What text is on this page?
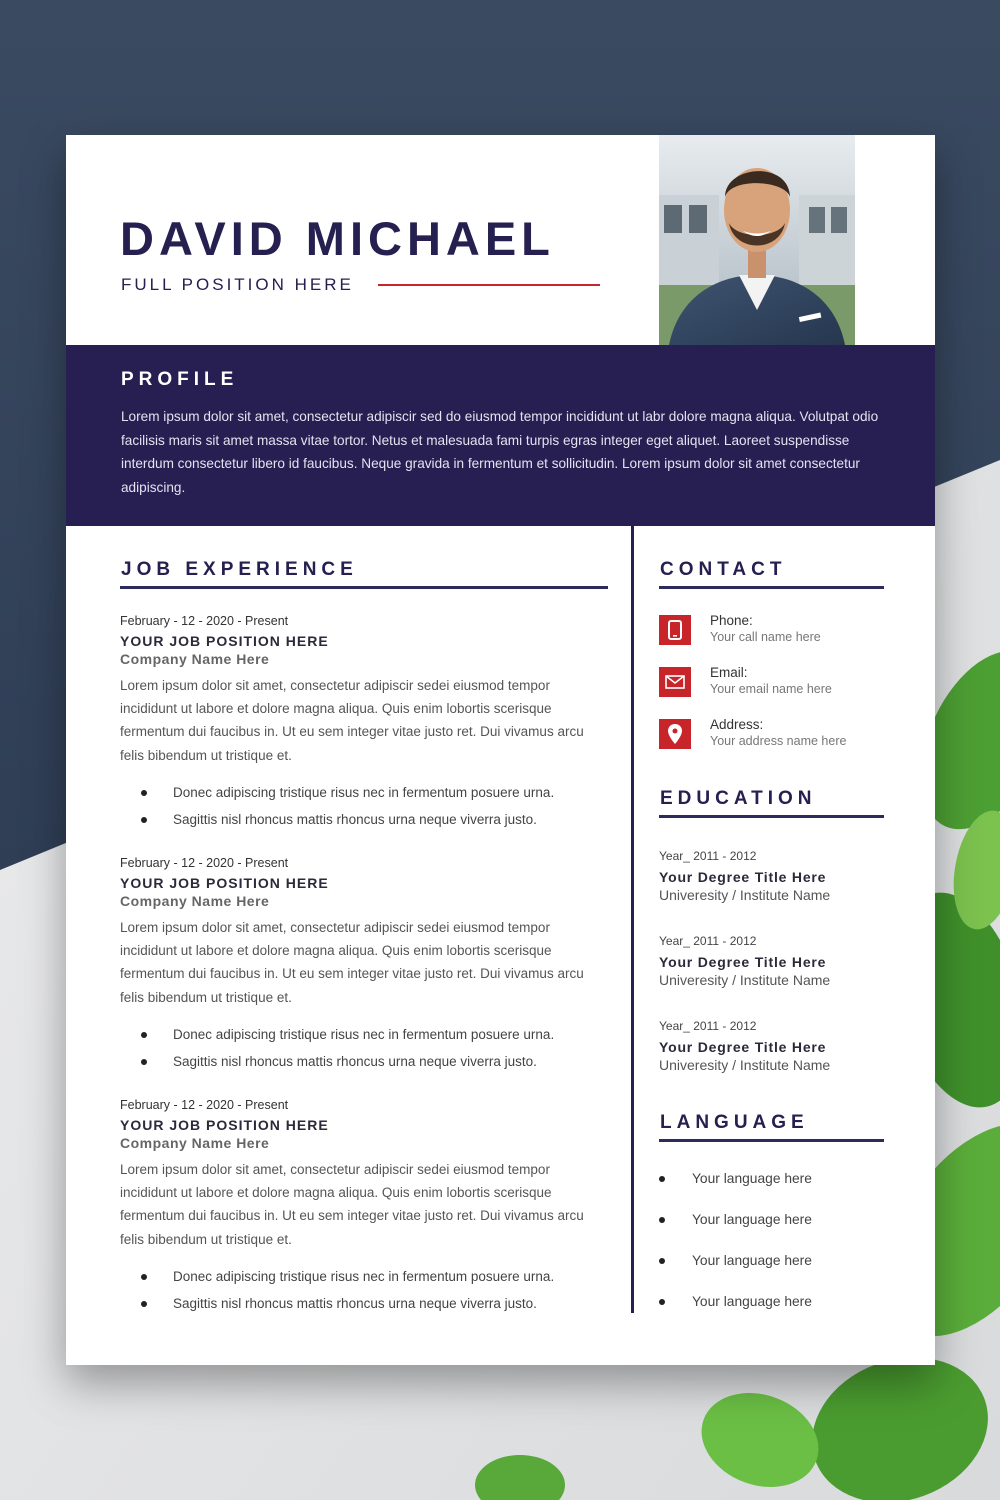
DAVID MICHAEL
FULL POSITION HERE
PROFILE
Lorem ipsum dolor sit amet, consectetur adipiscir sed do eiusmod tempor incididunt ut labr dolore magna aliqua. Volutpat odio facilisis maris sit amet massa vitae tortor. Netus et malesuada fami turpis egras integer eget aliquet. Laoreet suspendisse interdum consectetur libero id faucibus. Neque gravida in fermentum et sollicitudin. Lorem ipsum dolor sit amet consectetur adipiscing.
JOB EXPERIENCE
February - 12 - 2020 - Present
YOUR JOB POSITION HERE
Company Name Here
Lorem ipsum dolor sit amet, consectetur adipiscir sedei eiusmod tempor incididunt ut labore et dolore magna aliqua. Quis enim lobortis scerisque fermentum dui faucibus in. Ut eu sem integer vitae justo ret. Dui vivamus arcu felis bibendum ut tristique et.
Donec adipiscing tristique risus nec in fermentum posuere urna.
Sagittis nisl rhoncus mattis rhoncus urna neque viverra justo.
February - 12 - 2020 - Present
YOUR JOB POSITION HERE
Company Name Here
Lorem ipsum dolor sit amet, consectetur adipiscir sedei eiusmod tempor incididunt ut labore et dolore magna aliqua. Quis enim lobortis scerisque fermentum dui faucibus in. Ut eu sem integer vitae justo ret. Dui vivamus arcu felis bibendum ut tristique et.
Donec adipiscing tristique risus nec in fermentum posuere urna.
Sagittis nisl rhoncus mattis rhoncus urna neque viverra justo.
February - 12 - 2020 - Present
YOUR JOB POSITION HERE
Company Name Here
Lorem ipsum dolor sit amet, consectetur adipiscir sedei eiusmod tempor incididunt ut labore et dolore magna aliqua. Quis enim lobortis scerisque fermentum dui faucibus in. Ut eu sem integer vitae justo ret. Dui vivamus arcu felis bibendum ut tristique et.
Donec adipiscing tristique risus nec in fermentum posuere urna.
Sagittis nisl rhoncus mattis rhoncus urna neque viverra justo.
CONTACT
Phone:
Your call name here
Email:
Your email name here
Address:
Your address name here
EDUCATION
Year_ 2011 - 2012
Your Degree Title Here
Univeresity / Institute Name
Year_ 2011 - 2012
Your Degree Title Here
Univeresity / Institute Name
Year_ 2011 - 2012
Your Degree Title Here
Univeresity / Institute Name
LANGUAGE
Your language here
Your language here
Your language here
Your language here
